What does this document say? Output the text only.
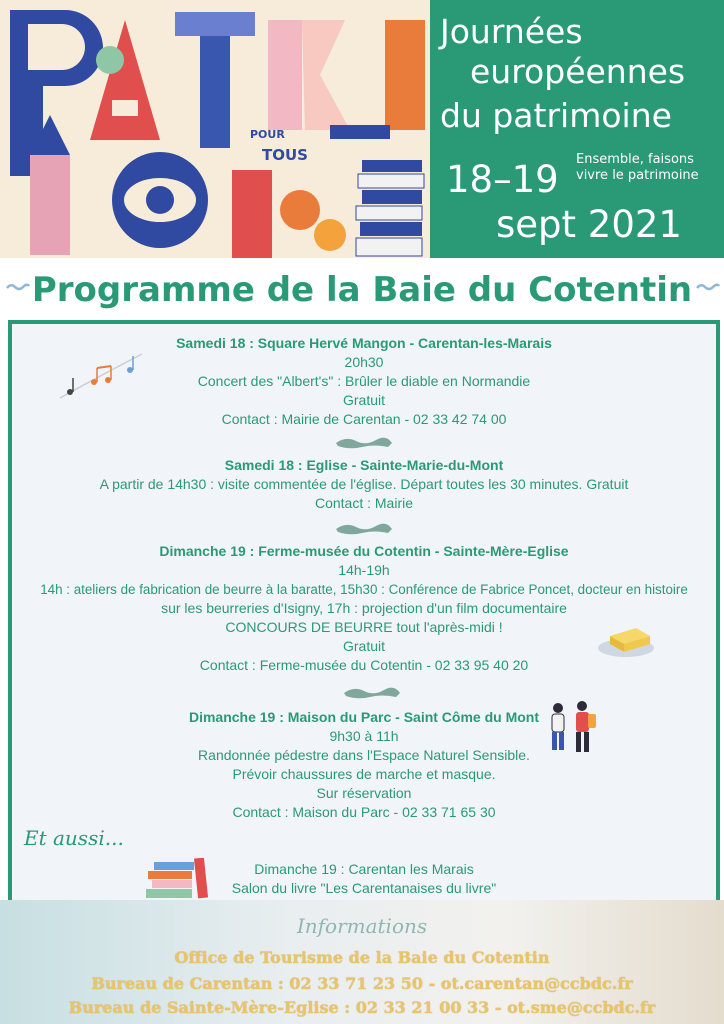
POUR
TOUS
Journées
européennes
du patrimoine
Ensemble, faisons vivre le patrimoine
18–19
sept 2021
Programme de la Baie du Cotentin
Samedi 18 : Square Hervé Mangon - Carentan-les-Marais
20h30
Concert des "Albert's" : Brûler le diable en Normandie
Gratuit
Contact : Mairie de Carentan - 02 33 42 74 00
Samedi 18 : Eglise - Sainte-Marie-du-Mont
A partir de 14h30 : visite commentée de l'église. Départ toutes les 30 minutes. Gratuit
Contact : Mairie
Dimanche 19 : Ferme-musée du Cotentin - Sainte-Mère-Eglise
14h-19h
14h : ateliers de fabrication de beurre à la baratte, 15h30 : Conférence de Fabrice Poncet, docteur en histoire
sur les beurreries d'Isigny, 17h : projection d'un film documentaire
CONCOURS DE BEURRE tout l'après-midi !
Gratuit
Contact : Ferme-musée du Cotentin - 02 33 95 40 20
Dimanche 19 : Maison du Parc - Saint Côme du Mont
9h30 à 11h
Randonnée pédestre dans l'Espace Naturel Sensible.
Prévoir chaussures de marche et masque.
Sur réservation
Contact : Maison du Parc - 02 33 71 65 30
Dimanche 19 : Carentan les Marais
Salon du livre "Les Carentanaises du livre"
Et aussi...
Informations
Office de Tourisme de la Baie du Cotentin
Bureau de Carentan : 02 33 71 23 50 - ot.carentan@ccbdc.fr
Bureau de Sainte-Mère-Eglise : 02 33 21 00 33 - ot.sme@ccbdc.fr
